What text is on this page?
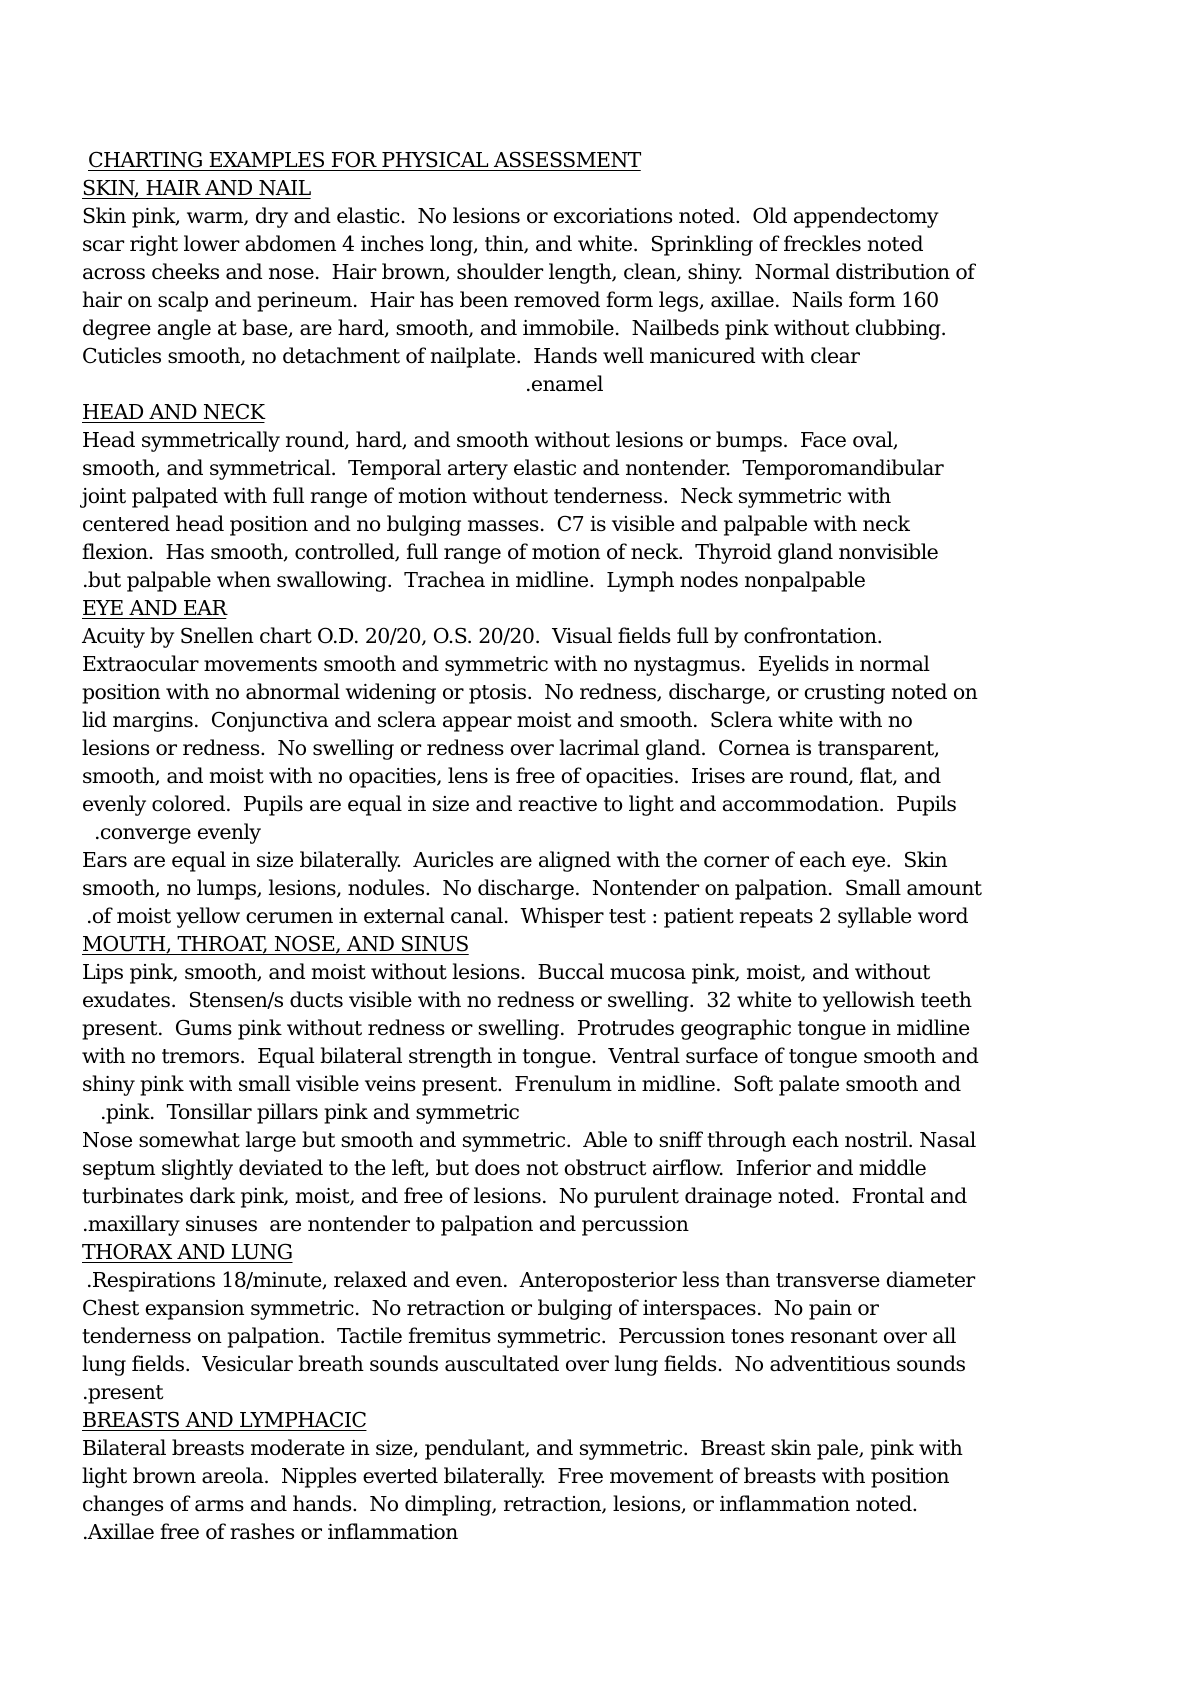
CHARTING EXAMPLES FOR PHYSICAL ASSESSMENT
SKIN, HAIR AND NAIL
Skin pink, warm, dry and elastic.  No lesions or excoriations noted.  Old appendectomy
scar right lower abdomen 4 inches long, thin, and white.  Sprinkling of freckles noted
across cheeks and nose.  Hair brown, shoulder length, clean, shiny.  Normal distribution of
hair on scalp and perineum.  Hair has been removed form legs, axillae.  Nails form 160
degree angle at base, are hard, smooth, and immobile.  Nailbeds pink without clubbing.
Cuticles smooth, no detachment of nailplate.  Hands well manicured with clear
.enamel
HEAD AND NECK
Head symmetrically round, hard, and smooth without lesions or bumps.  Face oval,
smooth, and symmetrical.  Temporal artery elastic and nontender.  Temporomandibular
joint palpated with full range of motion without tenderness.  Neck symmetric with
centered head position and no bulging masses.  C7 is visible and palpable with neck
flexion.  Has smooth, controlled, full range of motion of neck.  Thyroid gland nonvisible
.but palpable when swallowing.  Trachea in midline.  Lymph nodes nonpalpable
EYE AND EAR
Acuity by Snellen chart O.D. 20/20, O.S. 20/20.  Visual fields full by confrontation.
Extraocular movements smooth and symmetric with no nystagmus.  Eyelids in normal
position with no abnormal widening or ptosis.  No redness, discharge, or crusting noted on
lid margins.  Conjunctiva and sclera appear moist and smooth.  Sclera white with no
lesions or redness.  No swelling or redness over lacrimal gland.  Cornea is transparent,
smooth, and moist with no opacities, lens is free of opacities.  Irises are round, flat, and
evenly colored.  Pupils are equal in size and reactive to light and accommodation.  Pupils
.converge evenly
Ears are equal in size bilaterally.  Auricles are aligned with the corner of each eye.  Skin
smooth, no lumps, lesions, nodules.  No discharge.  Nontender on palpation.  Small amount
.of moist yellow cerumen in external canal.  Whisper test : patient repeats 2 syllable word
MOUTH, THROAT, NOSE, AND SINUS
Lips pink, smooth, and moist without lesions.  Buccal mucosa pink, moist, and without
exudates.  Stensen/s ducts visible with no redness or swelling.  32 white to yellowish teeth
present.  Gums pink without redness or swelling.  Protrudes geographic tongue in midline
with no tremors.  Equal bilateral strength in tongue.  Ventral surface of tongue smooth and
shiny pink with small visible veins present.  Frenulum in midline.  Soft palate smooth and
.pink.  Tonsillar pillars pink and symmetric
Nose somewhat large but smooth and symmetric.  Able to sniff through each nostril. Nasal
septum slightly deviated to the left, but does not obstruct airflow.  Inferior and middle
turbinates dark pink, moist, and free of lesions.  No purulent drainage noted.  Frontal and
.maxillary sinuses  are nontender to palpation and percussion
THORAX AND LUNG
.Respirations 18/minute, relaxed and even.  Anteroposterior less than transverse diameter
Chest expansion symmetric.  No retraction or bulging of interspaces.  No pain or
tenderness on palpation.  Tactile fremitus symmetric.  Percussion tones resonant over all
lung fields.  Vesicular breath sounds auscultated over lung fields.  No adventitious sounds
.present
BREASTS AND LYMPHACIC
Bilateral breasts moderate in size, pendulant, and symmetric.  Breast skin pale, pink with
light brown areola.  Nipples everted bilaterally.  Free movement of breasts with position
changes of arms and hands.  No dimpling, retraction, lesions, or inflammation noted.
.Axillae free of rashes or inflammation
